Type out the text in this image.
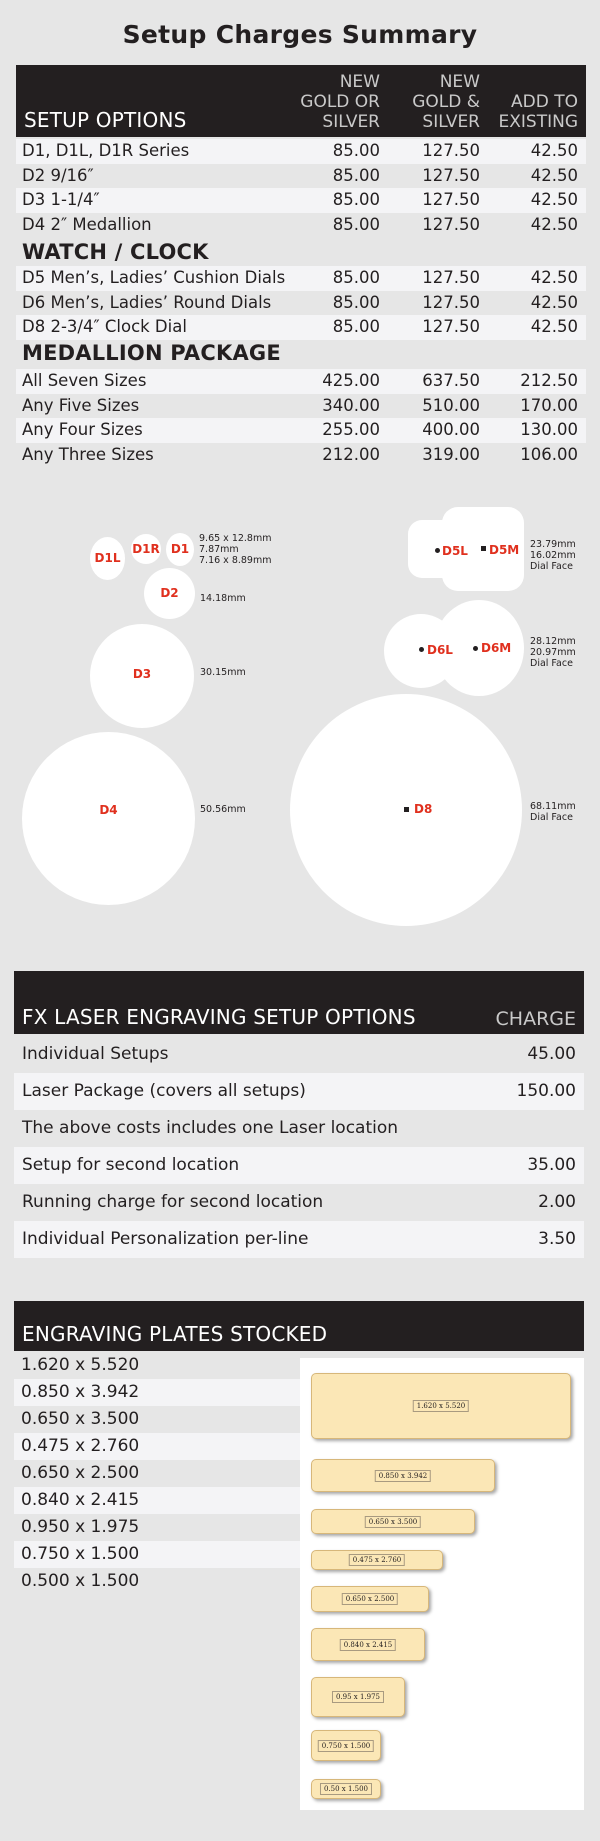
Setup Charges Summary
SETUP OPTIONS
NEW
GOLD OR
SILVER
NEW
GOLD &
SILVER
ADD TO
EXISTING
D1, D1L, D1R Series	85.00	127.50	42.50
D2 9/16″	85.00	127.50	42.50
D3 1-1/4″	85.00	127.50	42.50
D4 2″ Medallion	85.00	127.50	42.50
D5 Men’s, Ladies’ Cushion Dials	85.00	127.50	42.50
D6 Men’s, Ladies’ Round Dials	85.00	127.50	42.50
D8 2-3/4″ Clock Dial	85.00	127.50	42.50
All Seven Sizes	425.00	637.50 212.50
Any Five Sizes	340.00	510.00 170.00
Any Four Sizes	255.00	400.00 130.00
Any Three Sizes	212.00	319.00 106.00
WATCH / CLOCK
MEDALLION PACKAGE
D1L
D1R D1
9.65 x 12.8mm
7.87mm
7.16 x 8.89mm
D2	14.18mm
D3	30.15mm
D4	50.56mm
D5L D5M 23.79mm
16.02mm
Dial Face
D6L D6M 28.12mm
20.97mm
Dial Face
D8	68.11mm
Dial Face
FX LASER ENGRAVING SETUP OPTIONS	CHARGE
Individual Setups	45.00
Laser Package (covers all setups)	150.00
The above costs includes one Laser location
Setup for second location	35.00
Running charge for second location	2.00
Individual Personalization per-line	3.50
ENGRAVING PLATES STOCKED
1.620 x 5.520
0.850 x 3.942
0.650 x 3.500
0.475 x 2.760
0.650 x 2.500
0.840 x 2.415
0.950 x 1.975
0.750 x 1.500
0.500 x 1.500
1.620 x 5.520
0.850 x 3.942
0.650 x 3.500
0.475 x 2.760
0.650 x 2.500
0.840 x 2.415
0.95 x 1.975
0.750 x 1.500
0.50 x 1.500
